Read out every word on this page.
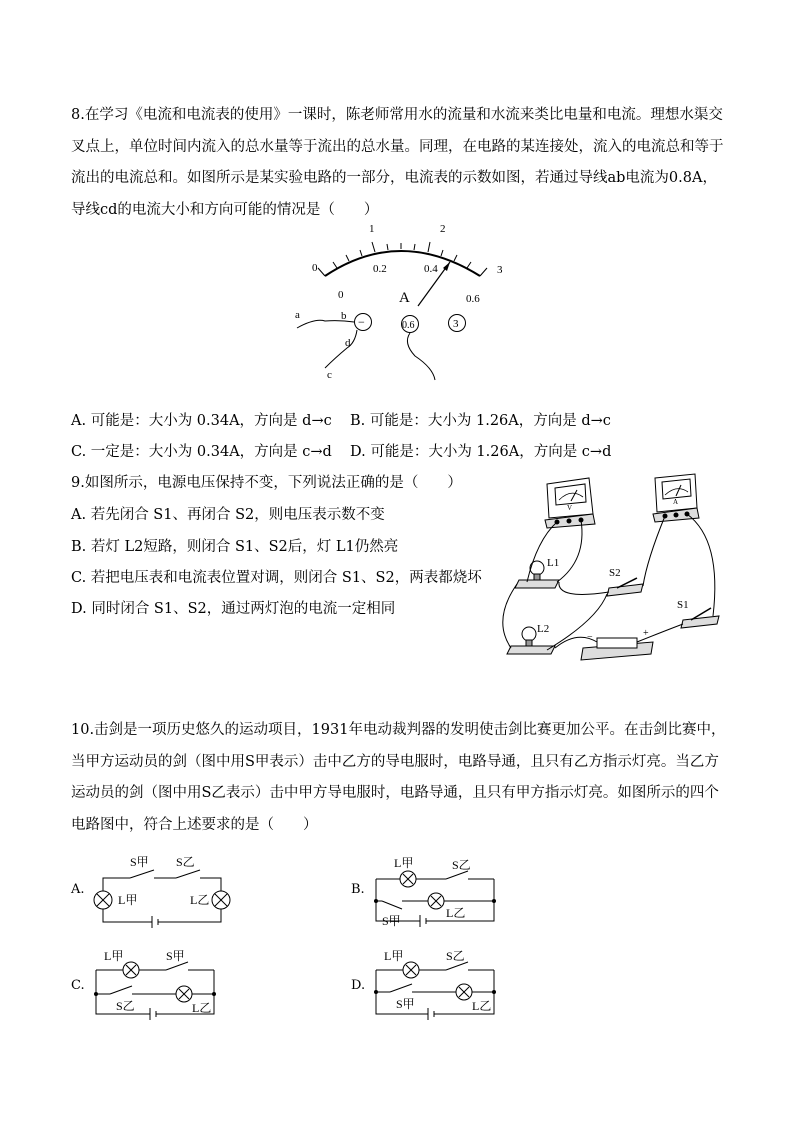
8.在学习《电流和电流表的使用》一课时，陈老师常用水的流量和水流来类比电量和电流。理想水渠交叉点上，单位时间内流入的总水量等于流出的总水量。同理，在电路的某连接处，流入的电流总和等于流出的电流总和。如图所示是某实验电路的一部分，电流表的示数如图，若通过导线ab电流为0.8A，导线cd的电流大小和方向可能的情况是（　　）
0
1	2
3
0
0.2	0.4
0.6
A
−	0.6	3
a	b
d
c
A. 可能是：大小为 0.34A，方向是 d→c B. 可能是：大小为 1.26A，方向是 d→c
C. 一定是：大小为 0.34A，方向是 c→d D. 可能是：大小为 1.26A，方向是 c→d
9.如图所示，电源电压保持不变，下列说法正确的是（　　）
A. 若先闭合 S1、再闭合 S2，则电压表示数不变
B. 若灯 L2短路，则闭合 S1、S2后，灯 L1仍然亮
C. 若把电压表和电流表位置对调，则闭合 S1、S2，两表都烧坏
D. 同时闭合 S1、S2，通过两灯泡的电流一定相同
V
A
L1
S2
S1
L2
−	+
10.击剑是一项历史悠久的运动项目，1931年电动裁判器的发明使击剑比赛更加公平。在击剑比赛中，当甲方运动员的剑（图中用S甲表示）击中乙方的导电服时，电路导通，且只有乙方指示灯亮。当乙方运动员的剑（图中用S乙表示）击中甲方导电服时，电路导通，且只有甲方指示灯亮。如图所示的四个电路图中，符合上述要求的是（　　）
A.
S甲 S乙
L甲	L乙
B.
L甲	S乙
S甲
L乙
C.
L甲	S甲
S乙	L乙
D.
L甲	S乙
S甲	L乙
